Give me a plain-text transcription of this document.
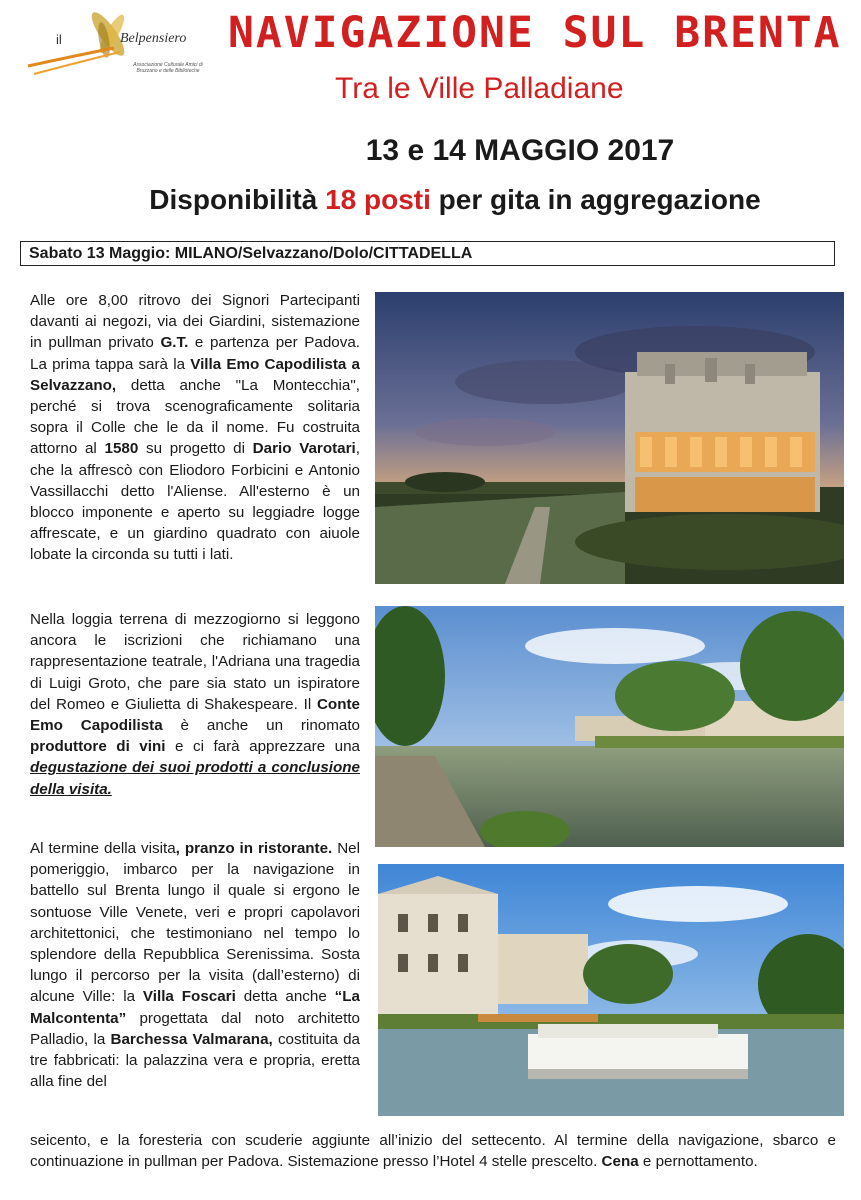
il	Belpensiero
Associazione Culturale Amici di Bruzzano e delle Biblioteche
NAVIGAZIONE SUL BRENTA
Tra le Ville Palladiane
13 e 14 MAGGIO 2017
Disponibilità 18 posti per gita in aggregazione
Sabato 13 Maggio: MILANO/Selvazzano/Dolo/CITTADELLA
Alle ore 8,00 ritrovo dei Signori Partecipanti davanti ai negozi, via dei Giardini, sistemazione in pullman privato G.T. e partenza per Padova. La prima tappa sarà la Villa Emo Capodilista a Selvazzano, detta anche "La Montecchia", perché si trova scenograficamente solitaria sopra il Colle che le da il nome. Fu costruita attorno al 1580 su progetto di Dario Varotari, che la affrescò con Eliodoro Forbicini e Antonio Vassillacchi detto l'Aliense. All'esterno è un blocco imponente e aperto su leggiadre logge affrescate, e un giardino quadrato con aiuole lobate la circonda su tutti i lati.
Nella loggia terrena di mezzogiorno si leggono ancora le iscrizioni che richiamano una rappresentazione teatrale, l'Adriana una tragedia di Luigi Groto, che pare sia stato un ispiratore del Romeo e Giulietta di Shakespeare. Il Conte Emo Capodilista è anche un rinomato produttore di vini e ci farà apprezzare una degustazione dei suoi prodotti a conclusione della visita.
Al termine della visita, pranzo in ristorante. Nel pomeriggio, imbarco per la navigazione in battello sul Brenta lungo il quale si ergono le sontuose Ville Venete, veri e propri capolavori architettonici, che testimoniano nel tempo lo splendore della Repubblica Serenissima. Sosta lungo il percorso per la visita (dall’esterno) di alcune Ville: la Villa Foscari detta anche “La Malcontenta” progettata dal noto architetto Palladio, la Barchessa Valmarana, costituita da tre fabbricati: la palazzina vera e propria, eretta alla fine del
seicento, e la foresteria con scuderie aggiunte all’inizio del settecento. Al termine della navigazione, sbarco e continuazione in pullman per Padova. Sistemazione presso l’Hotel 4 stelle prescelto. Cena e pernottamento.
